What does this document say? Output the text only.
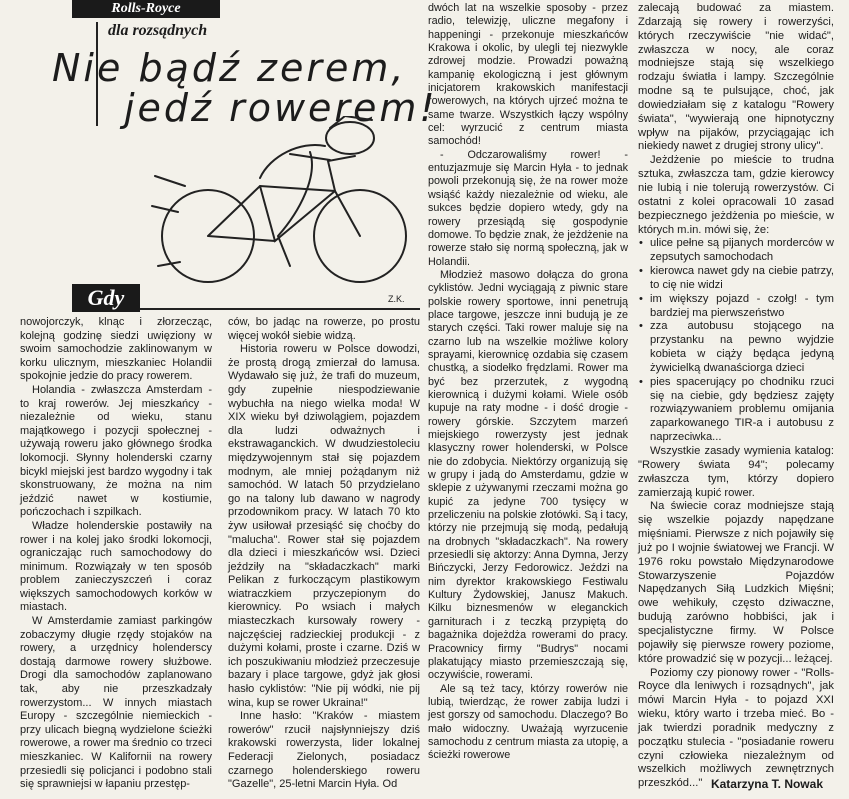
Rolls-Royce
dla rozsądnych
Nie bądź zerem,
jedź rowerem!
Z.K.
Gdy

nowojorczyk, klnąc i złorzecząc, kolejną godzinę siedzi uwięziony w swoim samochodzie zaklinowanym w korku ulicznym, mieszkaniec Holandii spokojnie jedzie do pracy rowerem.

Holandia - zwłaszcza Amsterdam - to kraj rowerów. Jej mieszkańcy - niezależnie od wieku, stanu majątkowego i pozycji społecznej - używają roweru jako głównego środka lokomocji. Słynny holenderski czarny bicykl miejski jest bardzo wygodny i tak skonstruowany, że można na nim jeździć nawet w kostiumie, pończochach i szpilkach.

Władze holenderskie postawiły na rower i na kolej jako środki lokomocji, ograniczając ruch samochodowy do minimum. Rozwiązały w ten sposób problem zanieczyszczeń i coraz większych samochodowych korków w miastach.

W Amsterdamie zamiast parkingów zobaczymy długie rzędy stojaków na rowery, a urzędnicy holenderscy dostają darmowe rowery służbowe. Drogi dla samochodów zaplanowano tak, aby nie przeszkadzały rowerzystom... W innych miastach Europy - szczególnie niemieckich - przy ulicach biegną wydzielone ścieżki rowerowe, a rower ma średnio co trzeci mieszkaniec. W Kalifornii na rowery przesiedli się policjanci i podobno stali się sprawniejsi w łapaniu przestęp-

ców, bo jadąc na rowerze, po prostu więcej wokół siebie widzą.

Historia roweru w Polsce dowodzi, że prostą drogą zmierzał do lamusa. Wydawało się już, że trafi do muzeum, gdy zupełnie niespodziewanie wybuchła na niego wielka moda! W XIX wieku był dziwolągiem, pojazdem dla ludzi odważnych i ekstrawaganckich. W dwudziestoleciu międzywojennym stał się pojazdem modnym, ale mniej pożądanym niż samochód. W latach 50 przydzielano go na talony lub dawano w nagrody przodownikom pracy. W latach 70 kto żyw usiłował przesiąść się choćby do "malucha". Rower stał się pojazdem dla dzieci i mieszkańców wsi. Dzieci jeździły na "składaczkach" marki Pelikan z furkoczącym plastikowym wiatraczkiem przyczepionym do kierownicy. Po wsiach i małych miasteczkach kursowały rowery - najczęściej radzieckiej produkcji - z dużymi kołami, proste i czarne. Dziś w ich poszukiwaniu młodzież przeczesuje bazary i place targowe, gdyż jak głosi hasło cyklistów: "Nie pij wódki, nie pij wina, kup se rower Ukraina!"

Inne hasło: "Kraków - miastem rowerów" rzucił najsłynniejszy dziś krakowski rowerzysta, lider lokalnej Federacji Zielonych, posiadacz czarnego holenderskiego roweru "Gazelle", 25-letni Marcin Hyła. Od

dwóch lat na wszelkie sposoby - przez radio, telewizję, uliczne megafony i happeningi - przekonuje mieszkańców Krakowa i okolic, by ulegli tej niezwykle zdrowej modzie. Prowadzi poważną kampanię ekologiczną i jest głównym inicjatorem krakowskich manifestacji rowerowych, na których ujrzeć można te same twarze. Wszystkich łączy wspólny cel: wyrzucić z centrum miasta samochód!

- Odczarowaliśmy rower! - entuzjazmuje się Marcin Hyła - to jednak powoli przekonują się, że na rower może wsiąść każdy niezależnie od wieku, ale sukces będzie dopiero wtedy, gdy na rowery przesiądą się gospodynie domowe. To będzie znak, że jeżdżenie na rowerze stało się normą społeczną, jak w Holandii.

Młodzież masowo dołącza do grona cyklistów. Jedni wyciągają z piwnic stare polskie rowery sportowe, inni penetrują place targowe, jeszcze inni budują je ze starych części. Taki rower maluje się na czarno lub na wszelkie możliwe kolory sprayami, kierownicę ozdabia się czasem chustką, a siodełko frędzlami. Rower ma być bez przerzutek, z wygodną kierownicą i dużymi kołami. Wiele osób kupuje na raty modne - i dość drogie - rowery górskie. Szczytem marzeń miejskiego rowerzysty jest jednak klasyczny rower holenderski, w Polsce nie do zdobycia. Niektórzy organizują się w grupy i jadą do Amsterdamu, gdzie w sklepie z używanymi rzeczami można go kupić za jedyne 700 tysięcy w przeliczeniu na polskie złotówki. Są i tacy, którzy nie przejmują się modą, pedałują na drobnych "składaczkach". Na rowery przesiedli się aktorzy: Anna Dymna, Jerzy Bińczycki, Jerzy Fedorowicz. Jeździ na nim dyrektor krakowskiego Festiwalu Kultury Żydowskiej, Janusz Makuch. Kilku biznesmenów w eleganckich garniturach i z teczką przypiętą do bagażnika dojeżdża rowerami do pracy. Pracownicy firmy "Budrys" nocami plakatujący miasto przemieszczają się, oczywiście, rowerami.

Ale są też tacy, którzy rowerów nie lubią, twierdząc, że rower zabija ludzi i jest gorszy od samochodu. Dlaczego? Bo mało widoczny. Uważają wyrzucenie samochodu z centrum miasta za utopię, a ścieżki rowerowe

zalecają budować za miastem. Zdarzają się rowery i rowerzyści, których rzeczywiście "nie widać", zwłaszcza w nocy, ale coraz modniejsze stają się wszelkiego rodzaju światła i lampy. Szczególnie modne są te pulsujące, choć, jak dowiedziałam się z katalogu "Rowery świata", "wywierają one hipnotyczny wpływ na pijaków, przyciągając ich niekiedy nawet z drugiej strony ulicy".

Jeżdżenie po mieście to trudna sztuka, zwłaszcza tam, gdzie kierowcy nie lubią i nie tolerują rowerzystów. Ci ostatni z kolei opracowali 10 zasad bezpiecznego jeżdżenia po mieście, w których m.in. mówi się, że:

• ulice pełne są pijanych morderców w zepsutych samochodach
• kierowca nawet gdy na ciebie patrzy, to cię nie widzi
• im większy pojazd - czołg! - tym bardziej ma pierwszeństwo
• zza autobusu stojącego na przystanku na pewno wyjdzie kobieta w ciąży będąca jedyną żywicielką dwanaściorga dzieci
• pies spacerujący po chodniku rzuci się na ciebie, gdy będziesz zajęty rozwiązywaniem problemu omijania zaparkowanego TIR-a i autobusu z naprzeciwka...

Wszystkie zasady wymienia katalog: "Rowery świata 94"; polecamy zwłaszcza tym, którzy dopiero zamierzają kupić rower.

Na świecie coraz modniejsze stają się wszelkie pojazdy napędzane mięśniami. Pierwsze z nich pojawiły się już po I wojnie światowej we Francji. W 1976 roku powstało Międzynarodowe Stowarzyszenie Pojazdów Napędzanych Siłą Ludzkich Mięśni; owe wehikuły, często dziwaczne, budują zarówno hobbiści, jak i specjalistyczne firmy. W Polsce pojawiły się pierwsze rowery poziome, które prowadzić się w pozycji... leżącej.

Poziomy czy pionowy rower - "Rolls-Royce dla leniwych i rozsądnych", jak mówi Marcin Hyła - to pojazd XXI wieku, który warto i trzeba mieć. Bo - jak twierdzi poradnik medyczny z początku stulecia - "posiadanie roweru czyni człowieka niezależnym od wszelkich możliwych zewnętrznych przeszkód..." Katarzyna T. Nowak
